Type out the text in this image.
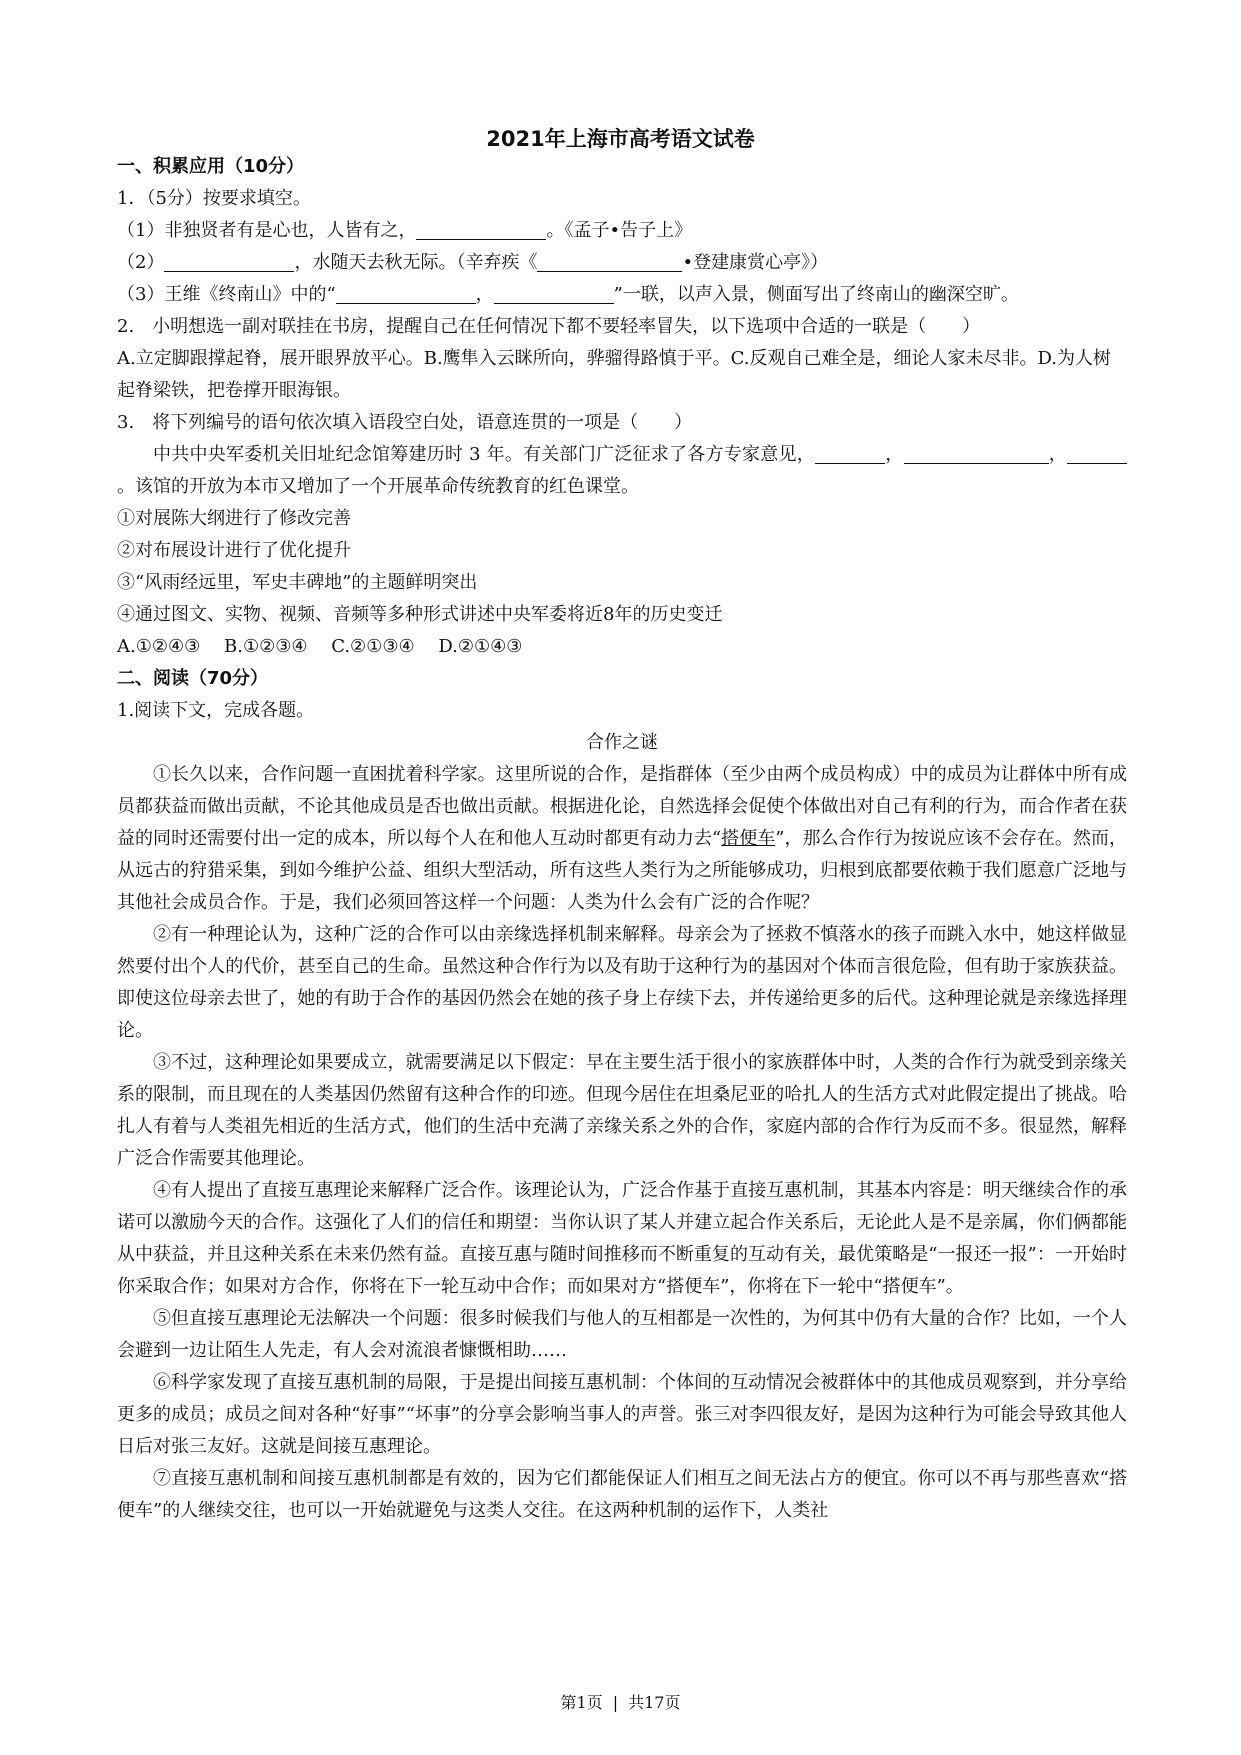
2021年上海市高考语文试卷
一、积累应用（10分）
1．（5分）按要求填空。
（1）非独贤者有是心也，人皆有之，	。《孟子•告子上》
（2）	，水随天去秋无际。（辛弃疾《	•登建康赏心亭》）
（3）王维《终南山》中的“	，	”一联，以声入景，侧面写出了终南山的幽深空旷。
2.　小明想选一副对联挂在书房，提醒自己在任何情况下都不要轻率冒失，以下选项中合适的一联是（　　）

A.立定脚跟撑起脊，展开眼界放平心。B.鹰隼入云眯所向，骅骝得路慎于平。C.反观自己难全是，细论人家未尽非。D.为人树起脊梁铁，把卷撑开眼海银。

3.　将下列编号的语句依次填入语段空白处，语意连贯的一项是（　　）

中共中央军委机关旧址纪念馆筹建历时 3 年。有关部门广泛征求了各方专家意见，	，	，。该馆的开放为本市又增加了一个开展革命传统教育的红色课堂。

①对展陈大纲进行了修改完善
②对布展设计进行了优化提升
③“风雨经远里，军史丰碑地”的主题鲜明突出
④通过图文、实物、视频、音频等多种形式讲述中央军委将近8年的历史变迁
A.①②④③　 B.①②③④　 C.②①③④　 D.②①④③
二、阅读（70分）
1.阅读下文，完成各题。
合作之谜

①长久以来，合作问题一直困扰着科学家。这里所说的合作，是指群体（至少由两个成员构成）中的成员为让群体中所有成员都获益而做出贡献，不论其他成员是否也做出贡献。根据进化论，自然选择会促使个体做出对自己有利的行为，而合作者在获益的同时还需要付出一定的成本，所以每个人在和他人互动时都更有动力去“搭便车”，那么合作行为按说应该不会存在。然而，从远古的狩猎采集，到如今维护公益、组织大型活动，所有这些人类行为之所能够成功，归根到底都要依赖于我们愿意广泛地与其他社会成员合作。于是，我们必须回答这样一个问题：人类为什么会有广泛的合作呢？

②有一种理论认为，这种广泛的合作可以由亲缘选择机制来解释。母亲会为了拯救不慎落水的孩子而跳入水中，她这样做显然要付出个人的代价，甚至自己的生命。虽然这种合作行为以及有助于这种行为的基因对个体而言很危险，但有助于家族获益。即使这位母亲去世了，她的有助于合作的基因仍然会在她的孩子身上存续下去，并传递给更多的后代。这种理论就是亲缘选择理论。

③不过，这种理论如果要成立，就需要满足以下假定：早在主要生活于很小的家族群体中时，人类的合作行为就受到亲缘关系的限制，而且现在的人类基因仍然留有这种合作的印迹。但现今居住在坦桑尼亚的哈扎人的生活方式对此假定提出了挑战。哈扎人有着与人类祖先相近的生活方式，他们的生活中充满了亲缘关系之外的合作，家庭内部的合作行为反而不多。很显然，解释广泛合作需要其他理论。

④有人提出了直接互惠理论来解释广泛合作。该理论认为，广泛合作基于直接互惠机制，其基本内容是：明天继续合作的承诺可以激励今天的合作。这强化了人们的信任和期望：当你认识了某人并建立起合作关系后，无论此人是不是亲属，你们俩都能从中获益，并且这种关系在未来仍然有益。直接互惠与随时间推移而不断重复的互动有关，最优策略是“一报还一报”：一开始时你采取合作；如果对方合作，你将在下一轮互动中合作；而如果对方“搭便车”，你将在下一轮中“搭便车”。

⑤但直接互惠理论无法解决一个问题：很多时候我们与他人的互相都是一次性的，为何其中仍有大量的合作？比如，一个人会避到一边让陌生人先走，有人会对流浪者慷慨相助……

⑥科学家发现了直接互惠机制的局限，于是提出间接互惠机制：个体间的互动情况会被群体中的其他成员观察到，并分享给更多的成员；成员之间对各种“好事”“坏事”的分享会影响当事人的声誉。张三对李四很友好，是因为这种行为可能会导致其他人日后对张三友好。这就是间接互惠理论。

⑦直接互惠机制和间接互惠机制都是有效的，因为它们都能保证人们相互之间无法占方的便宜。你可以不再与那些喜欢“搭便车”的人继续交往，也可以一开始就避免与这类人交往。在这两种机制的运作下，人类社

第1页 | 共17页
